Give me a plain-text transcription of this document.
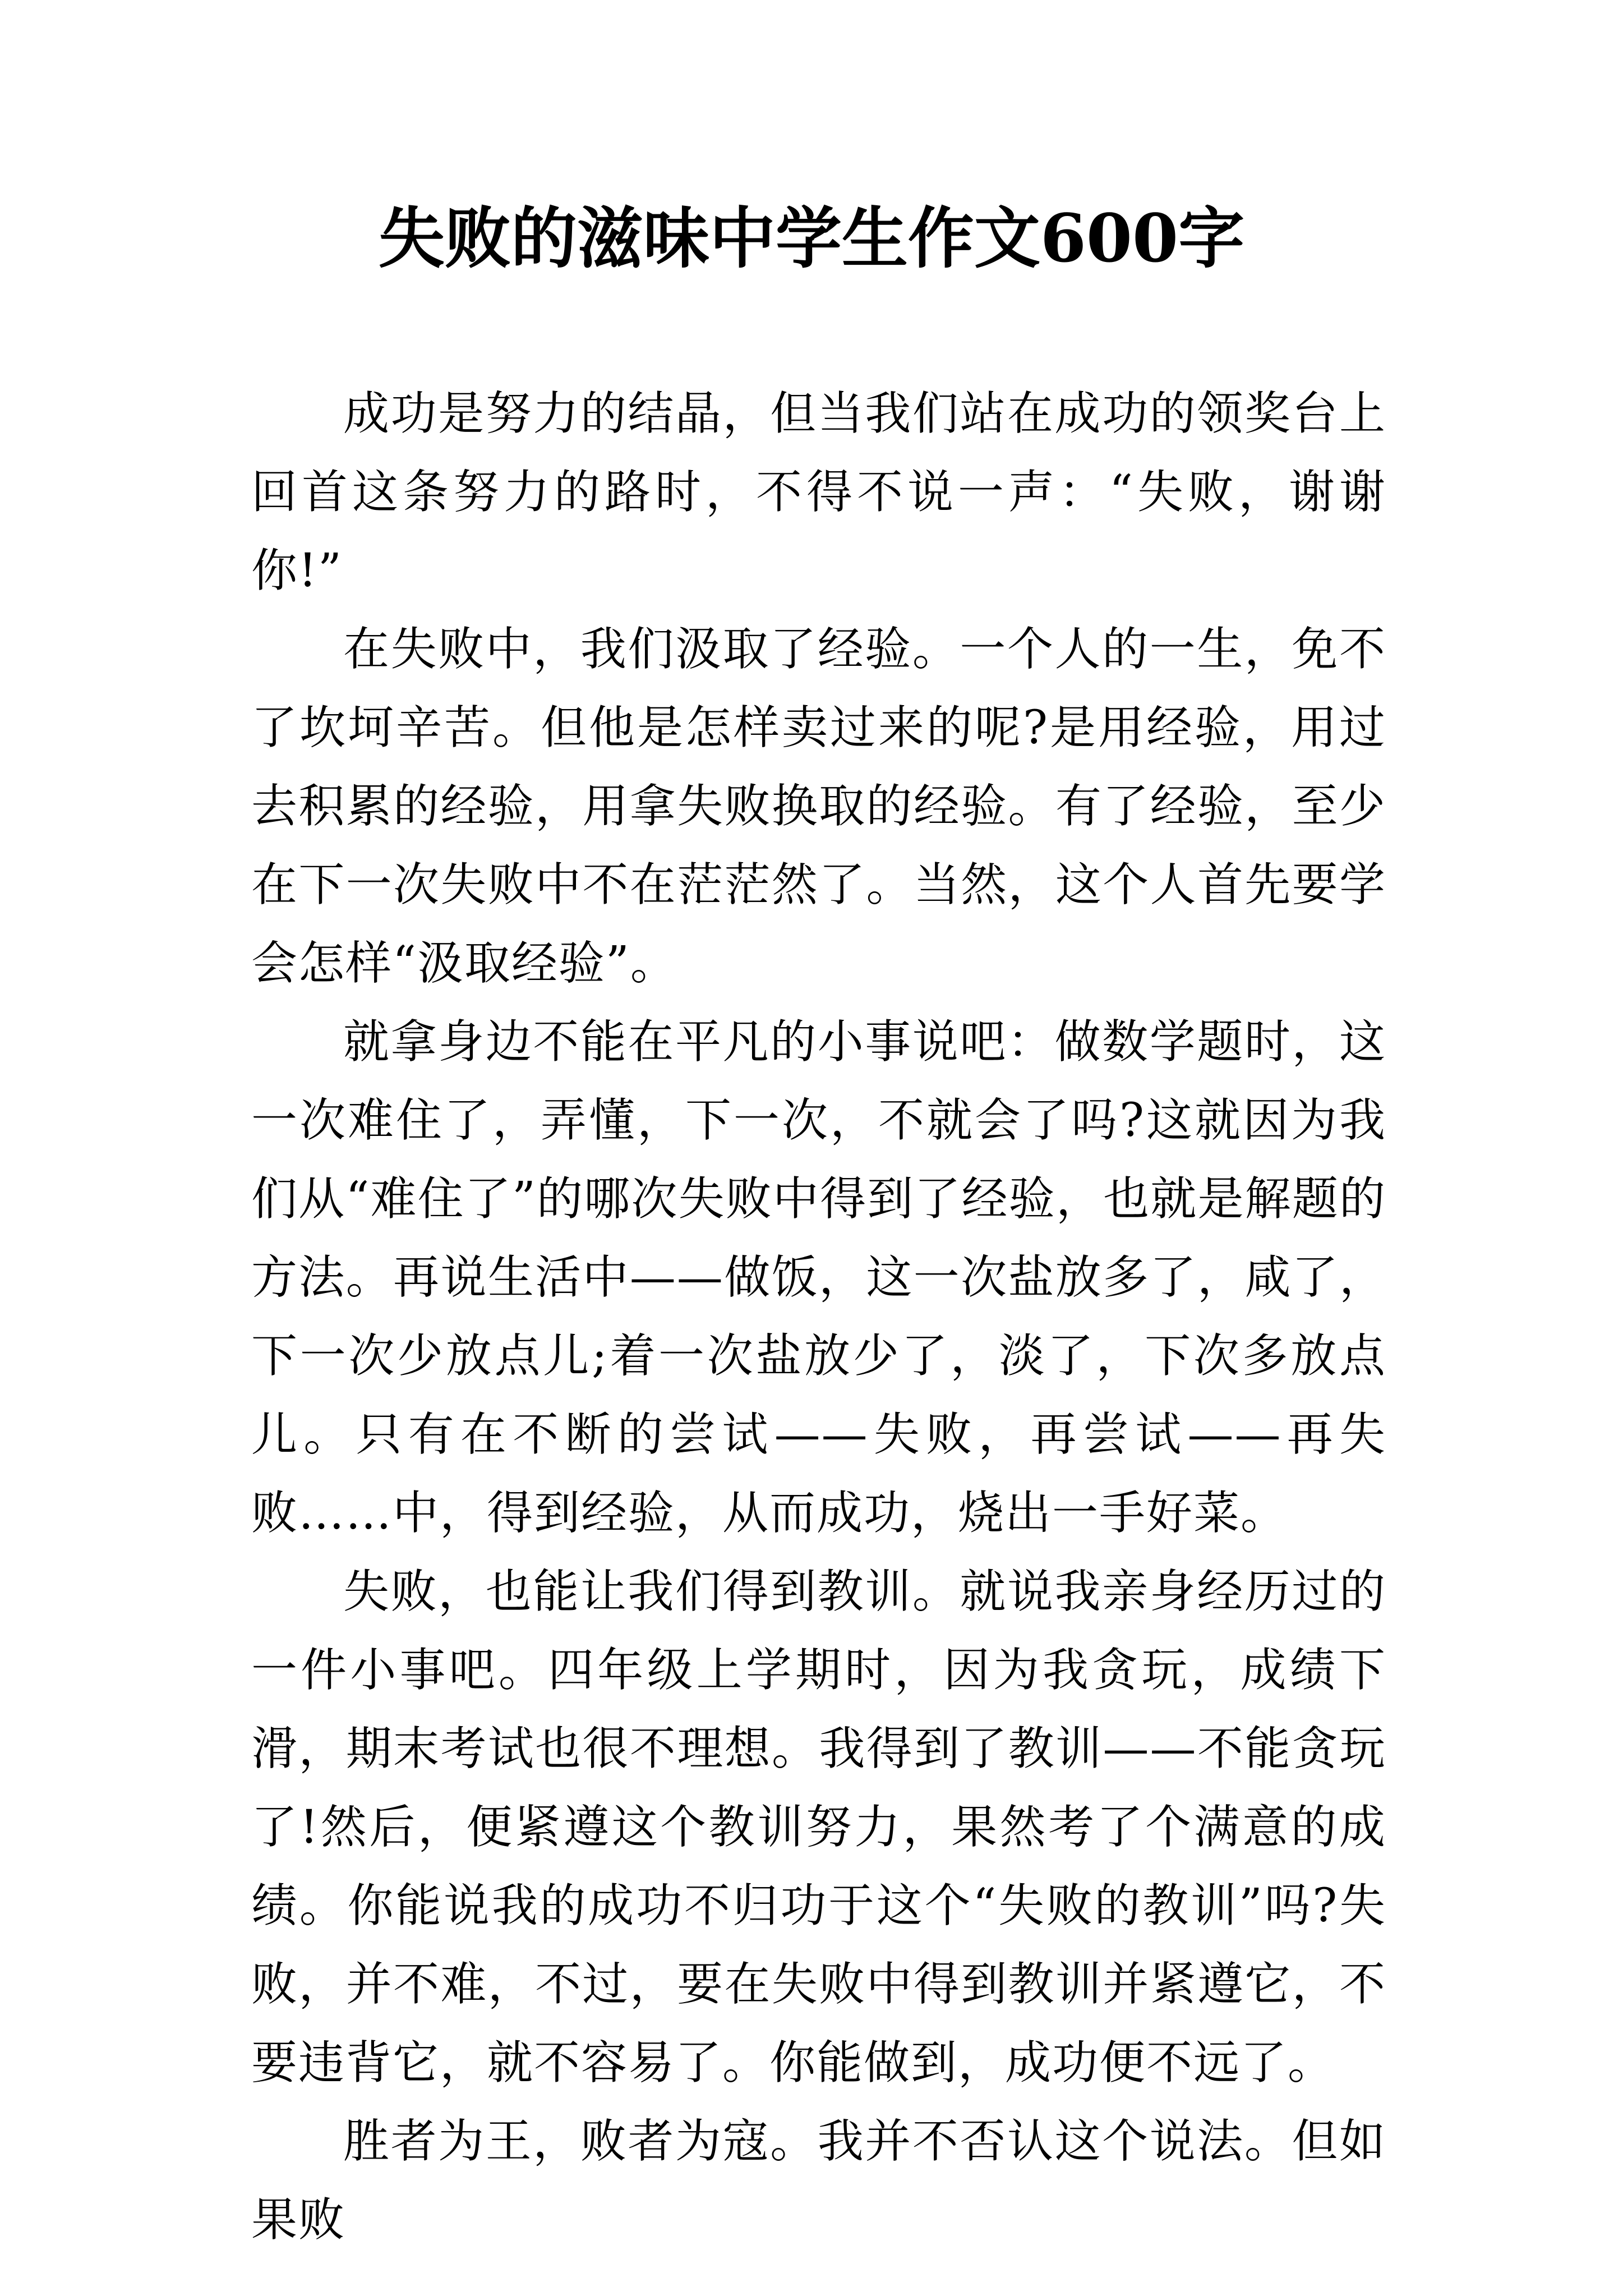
失败的滋味中学生作文600字

成功是努力的结晶，但当我们站在成功的领奖台上回首这条努力的路时，不得不说一声：“失败，谢谢你!”

在失败中，我们汲取了经验。一个人的一生，免不了坎坷辛苦。但他是怎样卖过来的呢?是用经验，用过去积累的经验，用拿失败换取的经验。有了经验，至少在下一次失败中不在茫茫然了。当然，这个人首先要学会怎样“汲取经验”。

就拿身边不能在平凡的小事说吧：做数学题时，这一次难住了，弄懂，下一次，不就会了吗?这就因为我们从“难住了”的哪次失败中得到了经验，也就是解题的方法。再说生活中——做饭，这一次盐放多了，咸了，下一次少放点儿;着一次盐放少了，淡了，下次多放点儿。只有在不断的尝试——失败，再尝试——再失败……中，得到经验，从而成功，烧出一手好菜。

失败，也能让我们得到教训。就说我亲身经历过的一件小事吧。四年级上学期时，因为我贪玩，成绩下滑，期末考试也很不理想。我得到了教训——不能贪玩了!然后，便紧遵这个教训努力，果然考了个满意的成绩。你能说我的成功不归功于这个“失败的教训”吗?失败，并不难，不过，要在失败中得到教训并紧遵它，不要违背它，就不容易了。你能做到，成功便不远了。

胜者为王，败者为寇。我并不否认这个说法。但如果败
